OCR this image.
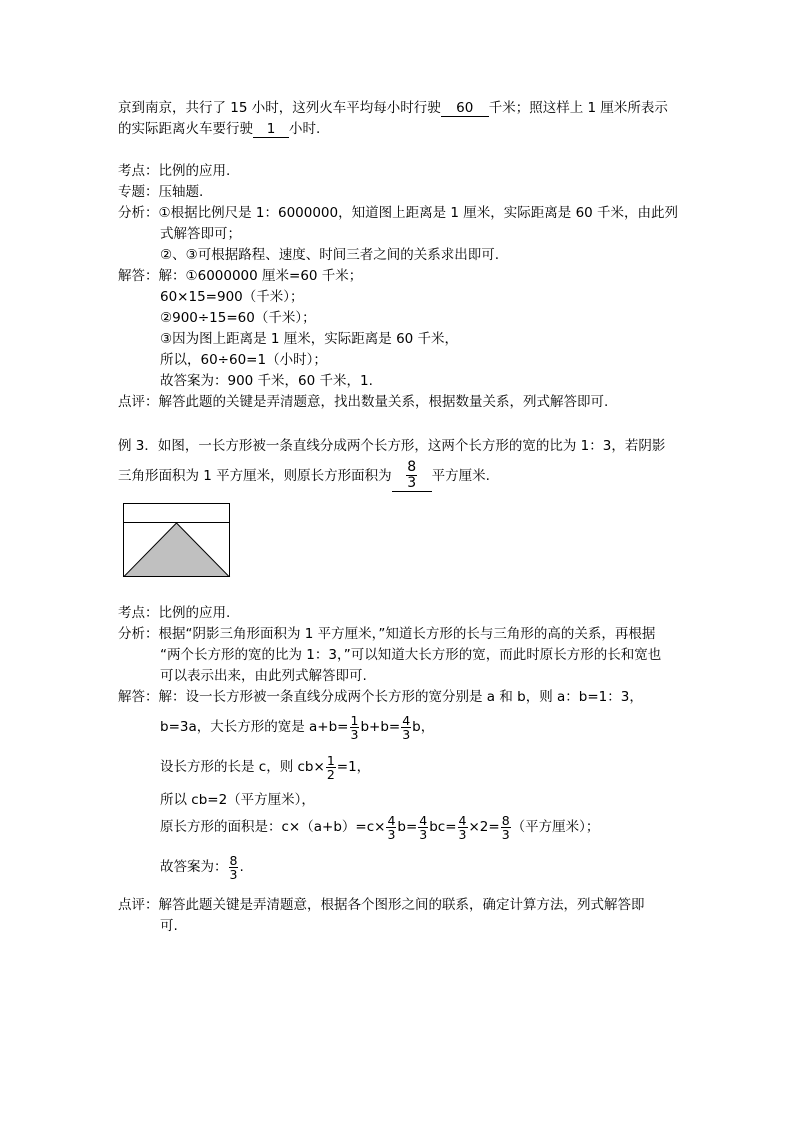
京到南京，共行了 15 小时，这列火车平均每小时行驶 60 千米；照这样上 1 厘米所表示
的实际距离火车要行驶 1 小时.
考点：比例的应用.
专题：压轴题.
分析：①根据比例尺是 1：6000000，知道图上距离是 1 厘米，实际距离是 60 千米，由此列
式解答即可；
②、③可根据路程、速度、时间三者之间的关系求出即可.
解答：解：①6000000 厘米=60 千米；
60×15=900（千米）；
②900÷15=60（千米）；
③因为图上距离是 1 厘米，实际距离是 60 千米，
所以，60÷60=1（小时）；
故答案为：900 千米，60 千米，1.
点评：解答此题的关键是弄清题意，找出数量关系，根据数量关系，列式解答即可.
例 3．如图，一长方形被一条直线分成两个长方形，这两个长方形的宽的比为 1：3，若阴影
三角形面积为 1 平方厘米，则原长方形面积为 $\frac{8}{3}$ 平方厘米.
考点：比例的应用.
分析：根据“阴影三角形面积为 1 平方厘米，”知道长方形的长与三角形的高的关系，再根据
“两个长方形的宽的比为 1：3，”可以知道大长方形的宽，而此时原长方形的长和宽也
可以表示出来，由此列式解答即可.
解答：解：设一长方形被一条直线分成两个长方形的宽分别是 a 和 b，则 a：b=1：3，
b=3a，大长方形的宽是 $a+b= \frac{1}{3} b+b= \frac{4}{3}$ b，
设长方形的长是 c，则 $cb\times \frac{1}{2} =1$，
所以 cb=2（平方厘米），
原长方形的面积是：$c\times(a+b)=c\times \frac{4}{3} b= \frac{4}{3} bc= \frac{4}{3} \times 2= \frac{8}{3}$ （平方厘米）；
故答案为： $\frac{8}{3}$ .
点评：解答此题关键是弄清题意，根据各个图形之间的联系，确定计算方法，列式解答即
可.
